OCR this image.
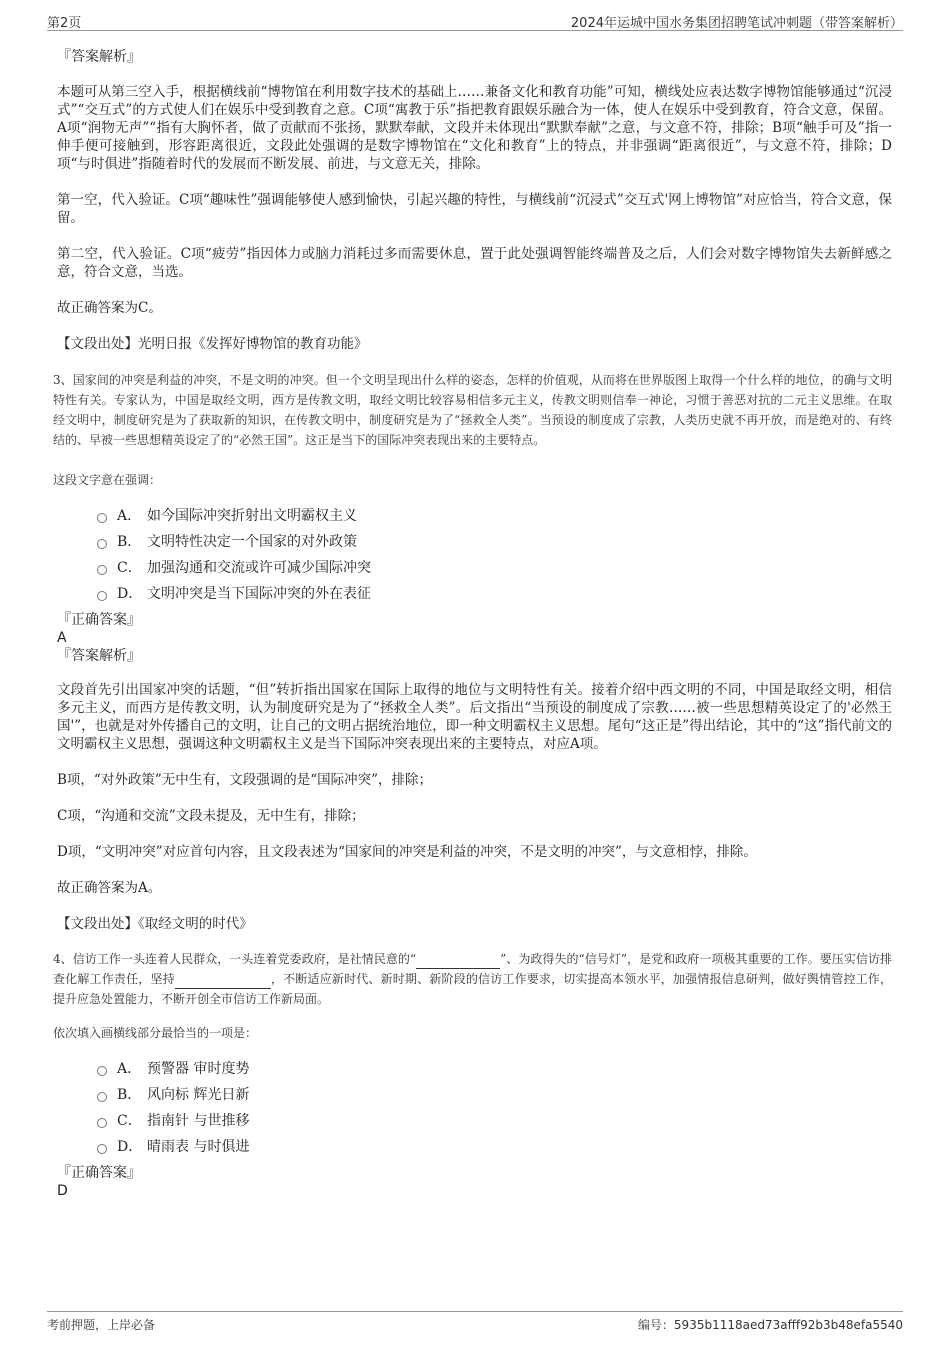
第2页	2024年运城中国水务集团招聘笔试冲刺题（带答案解析）

『答案解析』

本题可从第三空入手，根据横线前“博物馆在利用数字技术的基础上……兼备文化和教育功能”可知，横线处应表达数字博物馆能够通过“沉浸式”“交互式”的方式使人们在娱乐中受到教育之意。C项“寓教于乐”指把教育跟娱乐融合为一体，使人在娱乐中受到教育，符合文意，保留。A项“润物无声”“指有大胸怀者，做了贡献而不张扬，默默奉献，文段并未体现出“默默奉献”之意，与文意不符，排除；B项“触手可及”指一伸手便可接触到，形容距离很近，文段此处强调的是数字博物馆在“文化和教育”上的特点，并非强调“距离很近”，与文意不符，排除；D项“与时俱进”指随着时代的发展而不断发展、前进，与文意无关，排除。

第一空，代入验证。C项“趣味性”强调能够使人感到愉快，引起兴趣的特性，与横线前“沉浸式”交互式'网上博物馆”对应恰当，符合文意，保留。

第二空，代入验证。C项“疲劳”指因体力或脑力消耗过多而需要休息，置于此处强调智能终端普及之后，人们会对数字博物馆失去新鲜感之意，符合文意，当选。

故正确答案为C。

【文段出处】光明日报《发挥好博物馆的教育功能》

3、国家间的冲突是利益的冲突，不是文明的冲突。但一个文明呈现出什么样的姿态，怎样的价值观，从而将在世界版图上取得一个什么样的地位，的确与文明特性有关。专家认为，中国是取经文明，西方是传教文明，取经文明比较容易相信多元主义，传教文明则信奉一神论，习惯于善恶对抗的二元主义思维。在取经文明中，制度研究是为了获取新的知识，在传教文明中，制度研究是为了“拯救全人类”。当预设的制度成了宗教，人类历史就不再开放，而是绝对的、有终结的、早被一些思想精英设定了的“必然王国”。这正是当下的国际冲突表现出来的主要特点。

这段文字意在强调：

A． 如今国际冲突折射出文明霸权主义
B． 文明特性决定一个国家的对外政策
C． 加强沟通和交流或许可减少国际冲突
D． 文明冲突是当下国际冲突的外在表征

『正确答案』

A

『答案解析』

文段首先引出国家冲突的话题，“但”转折指出国家在国际上取得的地位与文明特性有关。接着介绍中西文明的不同，中国是取经文明，相信多元主义，而西方是传教文明，认为制度研究是为了“拯救全人类”。后文指出“当预设的制度成了宗教……被一些思想精英设定了的'必然王国'”，也就是对外传播自己的文明，让自己的文明占据统治地位，即一种文明霸权主义思想。尾句“这正是”得出结论，其中的“这”指代前文的文明霸权主义思想，强调这种文明霸权主义是当下国际冲突表现出来的主要特点，对应A项。

B项，“对外政策”无中生有，文段强调的是“国际冲突”，排除；

C项，“沟通和交流”文段未提及，无中生有，排除；

D项，“文明冲突”对应首句内容，且文段表述为“国家间的冲突是利益的冲突，不是文明的冲突”，与文意相悖，排除。

故正确答案为A。

【文段出处】《取经文明的时代》

4、信访工作一头连着人民群众，一头连着党委政府，是社情民意的“	”、为政得失的“信号灯”，是党和政府一项极其重要的工作。要压实信访排查化解工作责任，坚持	，不断适应新时代、新时期、新阶段的信访工作要求，切实提高本领水平，加强情报信息研判，做好舆情管控工作，提升应急处置能力，不断开创全市信访工作新局面。

依次填入画横线部分最恰当的一项是：

A． 预警器 审时度势
B． 风向标 辉光日新
C． 指南针 与世推移
D． 晴雨表 与时俱进

『正确答案』

D

考前押题，上岸必备	编号：5935b1118aed73afff92b3b48efa5540
